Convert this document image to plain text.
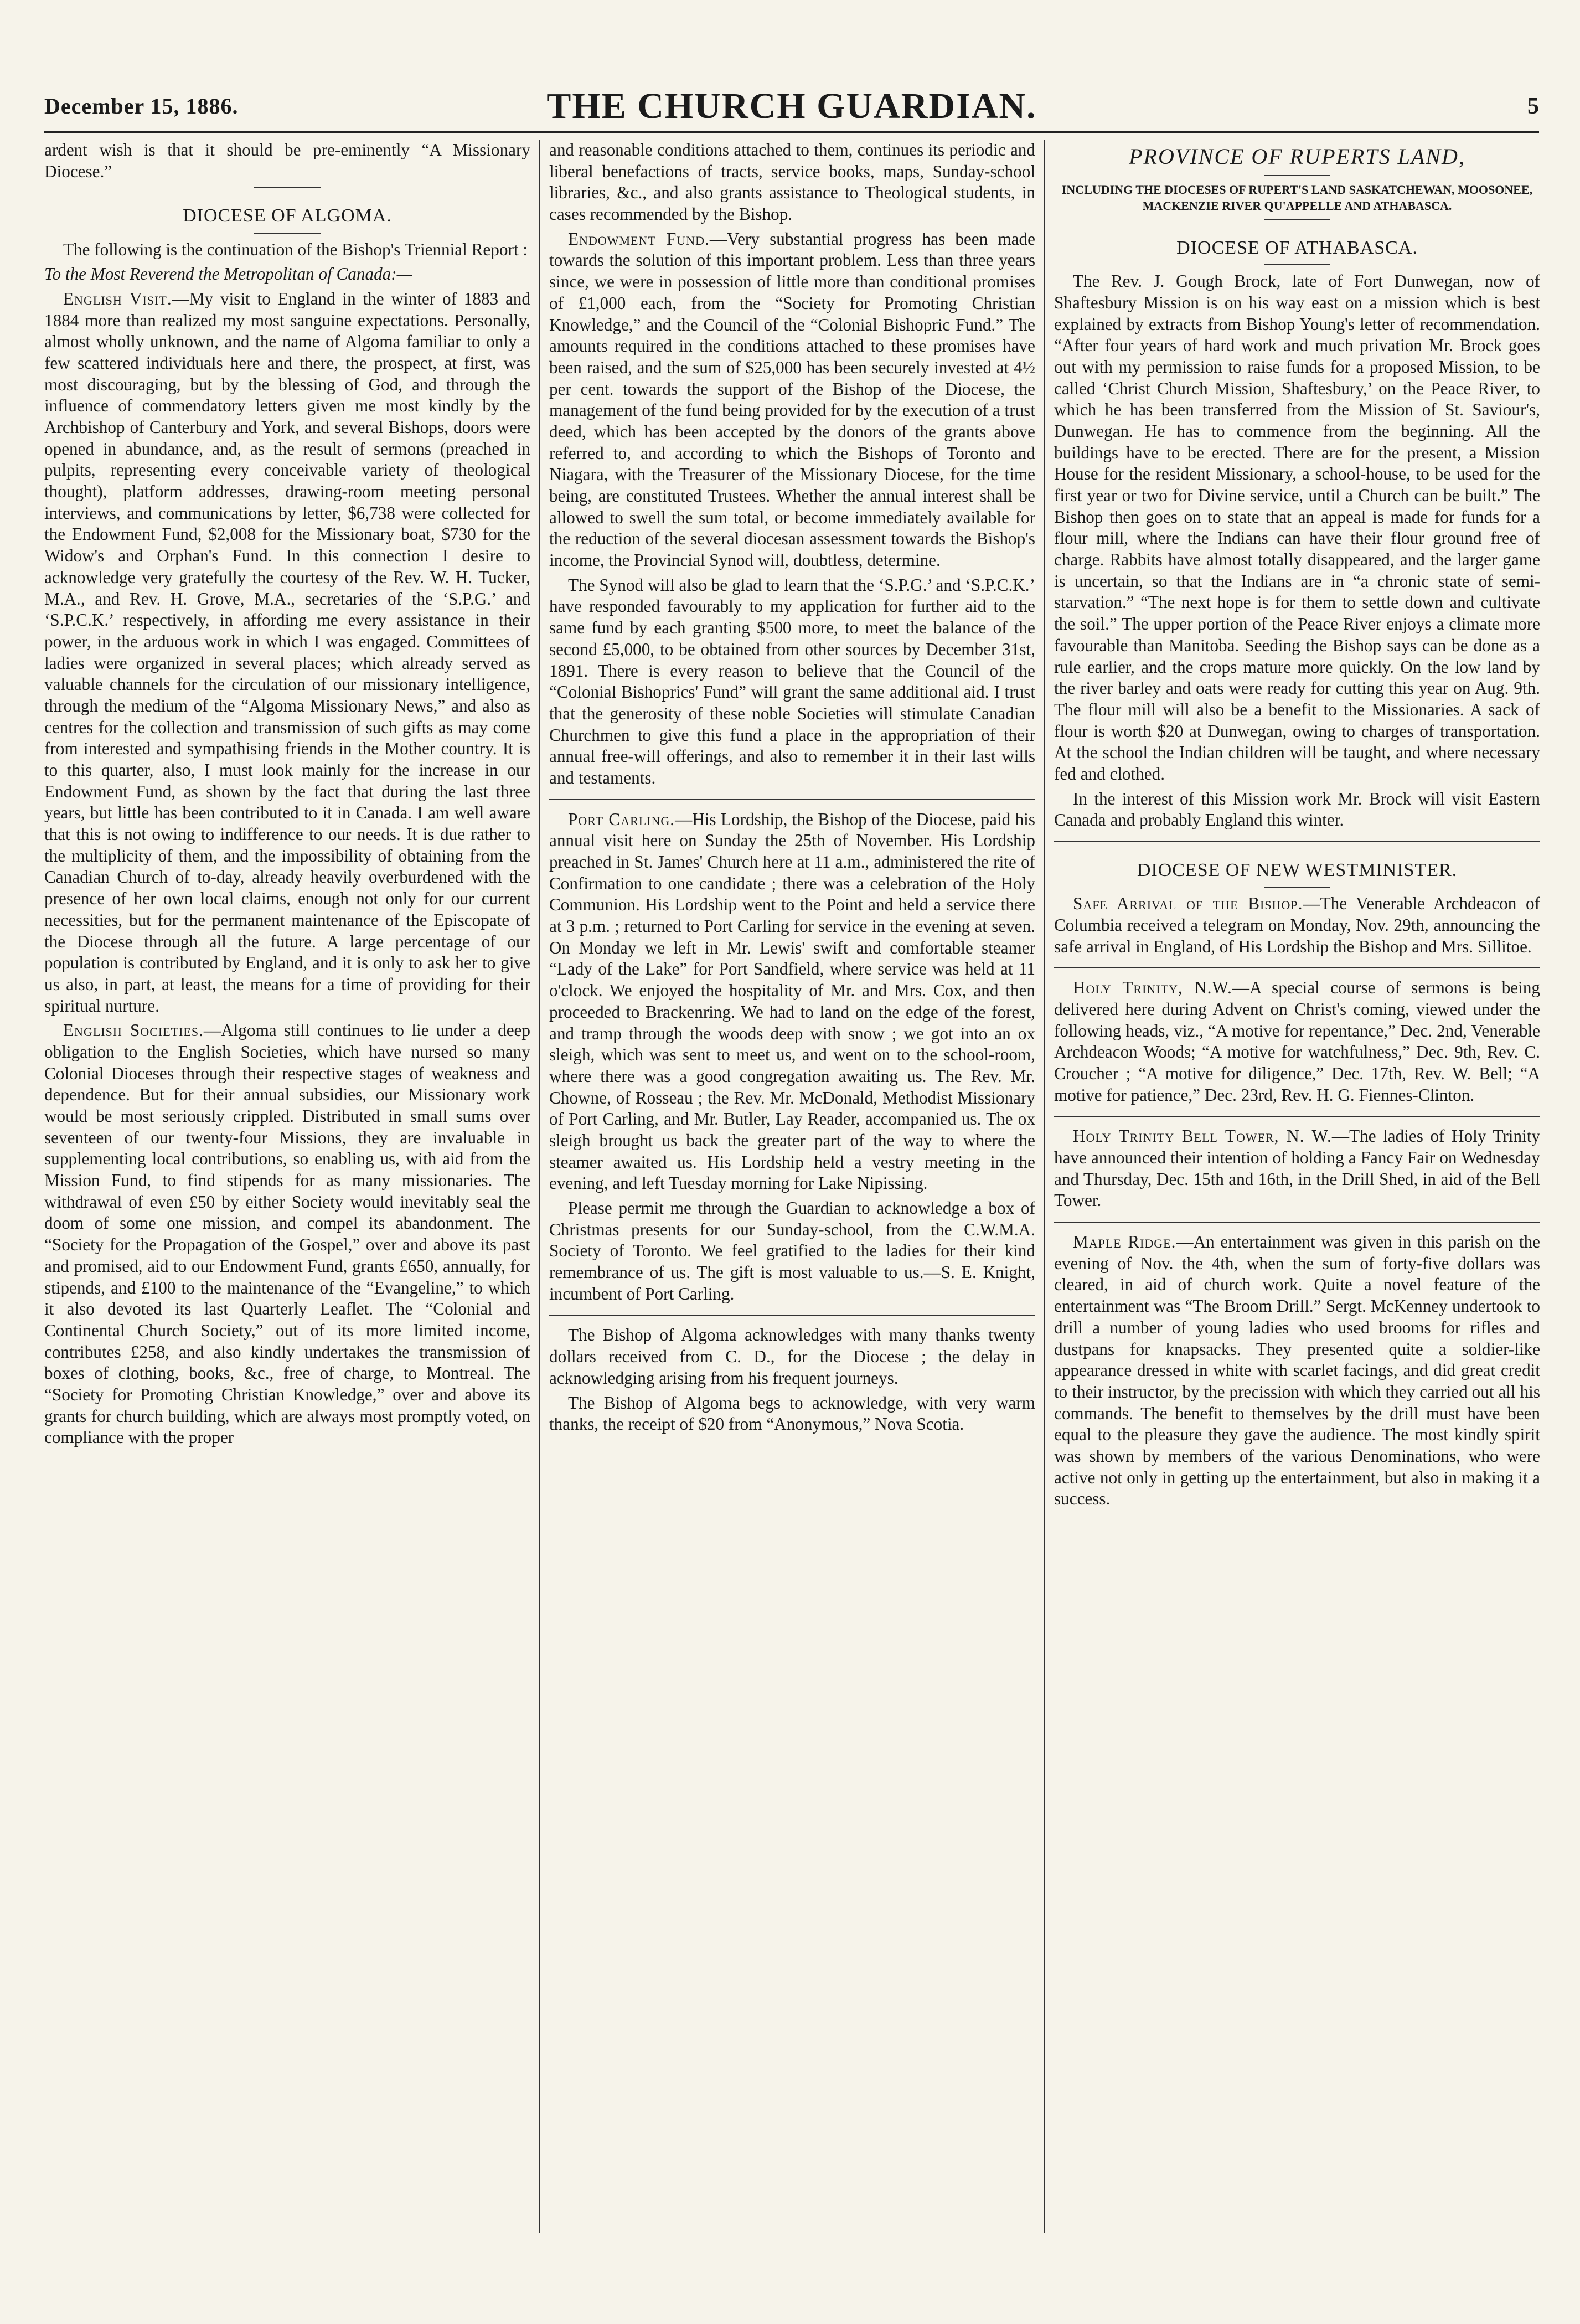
December 15, 1886.	THE CHURCH GUARDIAN.	5

ardent wish is that it should be pre-eminently “A Missionary Diocese.”

DIOCESE OF ALGOMA.

The following is the continuation of the Bishop's Triennial Report :

To the Most Reverend the Metropolitan of Canada:—

English Visit.—My visit to England in the winter of 1883 and 1884 more than realized my most sanguine expectations. Personally, almost wholly unknown, and the name of Algoma familiar to only a few scattered individuals here and there, the prospect, at first, was most discouraging, but by the blessing of God, and through the influence of commendatory letters given me most kindly by the Archbishop of Canterbury and York, and several Bishops, doors were opened in abundance, and, as the result of sermons (preached in pulpits, representing every conceivable variety of theological thought), platform addresses, drawing-room meeting personal interviews, and communications by letter, $6,738 were collected for the Endowment Fund, $2,008 for the Missionary boat, $730 for the Widow's and Orphan's Fund. In this connection I desire to acknowledge very gratefully the courtesy of the Rev. W. H. Tucker, M.A., and Rev. H. Grove, M.A., secretaries of the ‘S.P.G.’ and ‘S.P.C.K.’ respectively, in affording me every assistance in their power, in the arduous work in which I was engaged. Committees of ladies were organized in several places; which already served as valuable channels for the circulation of our missionary intelligence, through the medium of the “Algoma Missionary News,” and also as centres for the collection and transmission of such gifts as may come from interested and sympathising friends in the Mother country. It is to this quarter, also, I must look mainly for the increase in our Endowment Fund, as shown by the fact that during the last three years, but little has been contributed to it in Canada. I am well aware that this is not owing to indifference to our needs. It is due rather to the multiplicity of them, and the impossibility of obtaining from the Canadian Church of to-day, already heavily overburdened with the presence of her own local claims, enough not only for our current necessities, but for the permanent maintenance of the Episcopate of the Diocese through all the future. A large percentage of our population is contributed by England, and it is only to ask her to give us also, in part, at least, the means for a time of providing for their spiritual nurture.

English Societies.—Algoma still continues to lie under a deep obligation to the English Societies, which have nursed so many Colonial Dioceses through their respective stages of weakness and dependence. But for their annual subsidies, our Missionary work would be most seriously crippled. Distributed in small sums over seventeen of our twenty-four Missions, they are invaluable in supplementing local contributions, so enabling us, with aid from the Mission Fund, to find stipends for as many missionaries. The withdrawal of even £50 by either Society would inevitably seal the doom of some one mission, and compel its abandonment. The “Society for the Propagation of the Gospel,” over and above its past and promised, aid to our Endowment Fund, grants £650, annually, for stipends, and £100 to the maintenance of the “Evangeline,” to which it also devoted its last Quarterly Leaflet. The “Colonial and Continental Church Society,” out of its more limited income, contributes £258, and also kindly undertakes the transmission of boxes of clothing, books, &c., free of charge, to Montreal. The “Society for Promoting Christian Knowledge,” over and above its grants for church building, which are always most promptly voted, on compliance with the proper

and reasonable conditions attached to them, continues its periodic and liberal benefactions of tracts, service books, maps, Sunday-school libraries, &c., and also grants assistance to Theological students, in cases recommended by the Bishop.

Endowment Fund.—Very substantial progress has been made towards the solution of this important problem. Less than three years since, we were in possession of little more than conditional promises of £1,000 each, from the “Society for Promoting Christian Knowledge,” and the Council of the “Colonial Bishopric Fund.” The amounts required in the conditions attached to these promises have been raised, and the sum of $25,000 has been securely invested at 4½ per cent. towards the support of the Bishop of the Diocese, the management of the fund being provided for by the execution of a trust deed, which has been accepted by the donors of the grants above referred to, and according to which the Bishops of Toronto and Niagara, with the Treasurer of the Missionary Diocese, for the time being, are constituted Trustees. Whether the annual interest shall be allowed to swell the sum total, or become immediately available for the reduction of the several diocesan assessment towards the Bishop's income, the Provincial Synod will, doubtless, determine.

The Synod will also be glad to learn that the ‘S.P.G.’ and ‘S.P.C.K.’ have responded favourably to my application for further aid to the same fund by each granting $500 more, to meet the balance of the second £5,000, to be obtained from other sources by December 31st, 1891. There is every reason to believe that the Council of the “Colonial Bishoprics' Fund” will grant the same additional aid. I trust that the generosity of these noble Societies will stimulate Canadian Churchmen to give this fund a place in the appropriation of their annual free-will offerings, and also to remember it in their last wills and testaments.

Port Carling.—His Lordship, the Bishop of the Diocese, paid his annual visit here on Sunday the 25th of November. His Lordship preached in St. James' Church here at 11 a.m., administered the rite of Confirmation to one candidate ; there was a celebration of the Holy Communion. His Lordship went to the Point and held a service there at 3 p.m. ; returned to Port Carling for service in the evening at seven. On Monday we left in Mr. Lewis' swift and comfortable steamer “Lady of the Lake” for Port Sandfield, where service was held at 11 o'clock. We enjoyed the hospitality of Mr. and Mrs. Cox, and then proceeded to Brackenring. We had to land on the edge of the forest, and tramp through the woods deep with snow ; we got into an ox sleigh, which was sent to meet us, and went on to the school-room, where there was a good congregation awaiting us. The Rev. Mr. Chowne, of Rosseau ; the Rev. Mr. McDonald, Methodist Missionary of Port Carling, and Mr. Butler, Lay Reader, accompanied us. The ox sleigh brought us back the greater part of the way to where the steamer awaited us. His Lordship held a vestry meeting in the evening, and left Tuesday morning for Lake Nipissing.

Please permit me through the Guardian to acknowledge a box of Christmas presents for our Sunday-school, from the C.W.M.A. Society of Toronto. We feel gratified to the ladies for their kind remembrance of us. The gift is most valuable to us.—S. E. Knight, incumbent of Port Carling.

The Bishop of Algoma acknowledges with many thanks twenty dollars received from C. D., for the Diocese ; the delay in acknowledging arising from his frequent journeys.

The Bishop of Algoma begs to acknowledge, with very warm thanks, the receipt of $20 from “Anonymous,” Nova Scotia.

PROVINCE OF RUPERTS LAND,
INCLUDING THE DIOCESES OF RUPERT'S LAND SASKATCHEWAN, MOOSONEE, MACKENZIE RIVER QU'APPELLE AND ATHABASCA.
DIOCESE OF ATHABASCA.

The Rev. J. Gough Brock, late of Fort Dunwegan, now of Shaftesbury Mission is on his way east on a mission which is best explained by extracts from Bishop Young's letter of recommendation. “After four years of hard work and much privation Mr. Brock goes out with my permission to raise funds for a proposed Mission, to be called ‘Christ Church Mission, Shaftesbury,’ on the Peace River, to which he has been transferred from the Mission of St. Saviour's, Dunwegan. He has to commence from the beginning. All the buildings have to be erected. There are for the present, a Mission House for the resident Missionary, a school-house, to be used for the first year or two for Divine service, until a Church can be built.” The Bishop then goes on to state that an appeal is made for funds for a flour mill, where the Indians can have their flour ground free of charge. Rabbits have almost totally disappeared, and the larger game is uncertain, so that the Indians are in “a chronic state of semi-starvation.” “The next hope is for them to settle down and cultivate the soil.” The upper portion of the Peace River enjoys a climate more favourable than Manitoba. Seeding the Bishop says can be done as a rule earlier, and the crops mature more quickly. On the low land by the river barley and oats were ready for cutting this year on Aug. 9th. The flour mill will also be a benefit to the Missionaries. A sack of flour is worth $20 at Dunwegan, owing to charges of transportation. At the school the Indian children will be taught, and where necessary fed and clothed.

In the interest of this Mission work Mr. Brock will visit Eastern Canada and probably England this winter.

DIOCESE OF NEW WESTMINISTER.

Safe Arrival of the Bishop.—The Venerable Archdeacon of Columbia received a telegram on Monday, Nov. 29th, announcing the safe arrival in England, of His Lordship the Bishop and Mrs. Sillitoe.

Holy Trinity, N.W.—A special course of sermons is being delivered here during Advent on Christ's coming, viewed under the following heads, viz., “A motive for repentance,” Dec. 2nd, Venerable Archdeacon Woods; “A motive for watchfulness,” Dec. 9th, Rev. C. Croucher ; “A motive for diligence,” Dec. 17th, Rev. W. Bell; “A motive for patience,” Dec. 23rd, Rev. H. G. Fiennes-Clinton.

Holy Trinity Bell Tower, N. W.—The ladies of Holy Trinity have announced their intention of holding a Fancy Fair on Wednesday and Thursday, Dec. 15th and 16th, in the Drill Shed, in aid of the Bell Tower.

Maple Ridge.—An entertainment was given in this parish on the evening of Nov. the 4th, when the sum of forty-five dollars was cleared, in aid of church work. Quite a novel feature of the entertainment was “The Broom Drill.” Sergt. McKenney undertook to drill a number of young ladies who used brooms for rifles and dustpans for knapsacks. They presented quite a soldier-like appearance dressed in white with scarlet facings, and did great credit to their instructor, by the precission with which they carried out all his commands. The benefit to themselves by the drill must have been equal to the pleasure they gave the audience. The most kindly spirit was shown by members of the various Denominations, who were active not only in getting up the entertainment, but also in making it a success.
